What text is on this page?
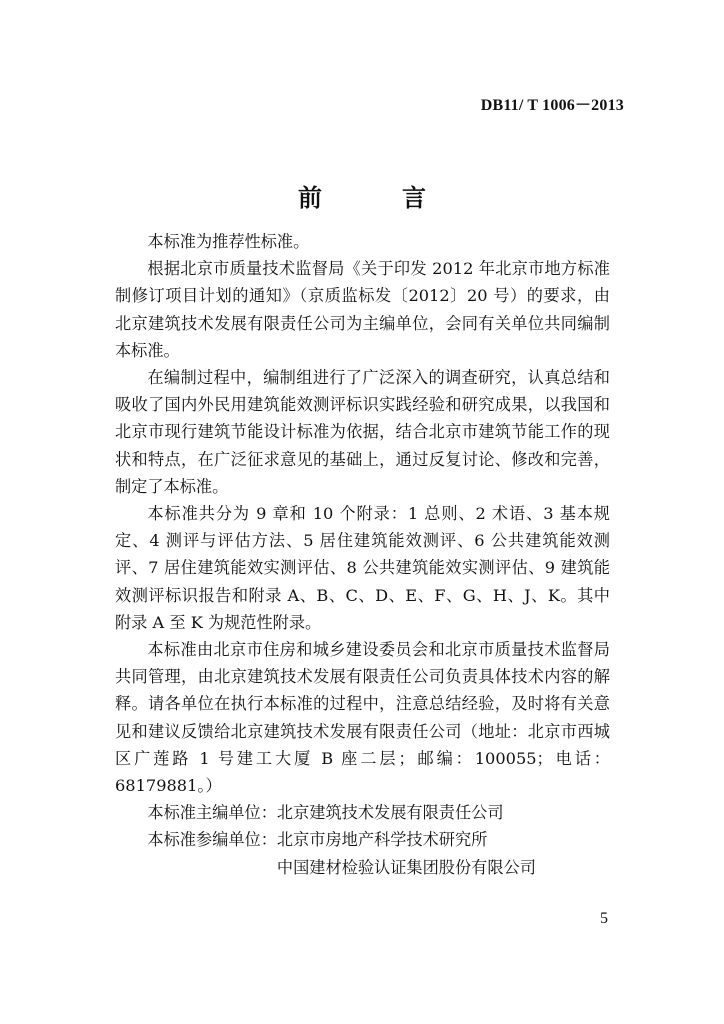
DB11/ T 1006－2013
前　言

本标准为推荐性标准。

根据北京市质量技术监督局《关于印发 2012 年北京市地方标准制修订项目计划的通知》（京质监标发〔2012〕20 号）的要求，由北京建筑技术发展有限责任公司为主编单位，会同有关单位共同编制本标准。

在编制过程中，编制组进行了广泛深入的调查研究，认真总结和吸收了国内外民用建筑能效测评标识实践经验和研究成果，以我国和北京市现行建筑节能设计标准为依据，结合北京市建筑节能工作的现状和特点，在广泛征求意见的基础上，通过反复讨论、修改和完善，制定了本标准。

本标准共分为 9 章和 10 个附录：1 总则、2 术语、3 基本规定、4 测评与评估方法、5 居住建筑能效测评、6 公共建筑能效测评、7 居住建筑能效实测评估、8 公共建筑能效实测评估、9 建筑能效测评标识报告和附录 A、B、C、D、E、F、G、H、J、K。其中附录 A 至 K 为规范性附录。

本标准由北京市住房和城乡建设委员会和北京市质量技术监督局共同管理，由北京建筑技术发展有限责任公司负责具体技术内容的解释。请各单位在执行本标准的过程中，注意总结经验，及时将有关意见和建议反馈给北京建筑技术发展有限责任公司（地址：北京市西城区广莲路 1 号建工大厦 B 座二层；邮编：100055；电话：68179881。）

本标准主编单位： 北京建筑技术发展有限责任公司
本标准参编单位： 北京市房地产科学技术研究所
中国建材检验认证集团股份有限公司
5
